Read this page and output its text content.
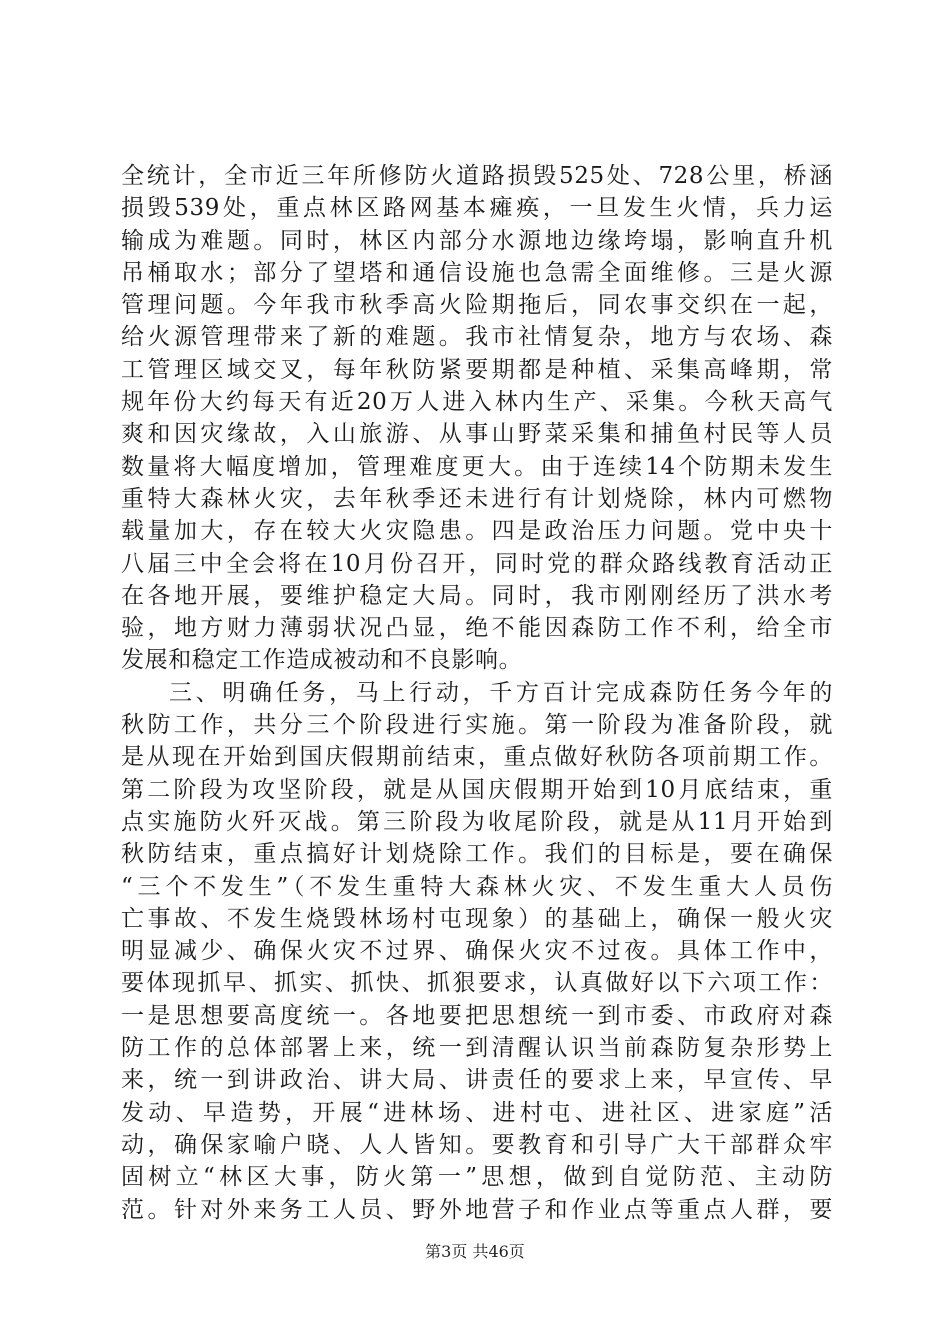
全统计，全市近三年所修防火道路损毁525处、728公里，桥涵
损毁539处，重点林区路网基本瘫痪，一旦发生火情，兵力运
输成为难题。同时，林区内部分水源地边缘垮塌，影响直升机
吊桶取水；部分了望塔和通信设施也急需全面维修。三是火源
管理问题。今年我市秋季高火险期拖后，同农事交织在一起，
给火源管理带来了新的难题。我市社情复杂，地方与农场、森
工管理区域交叉，每年秋防紧要期都是种植、采集高峰期，常
规年份大约每天有近20万人进入林内生产、采集。今秋天高气
爽和因灾缘故，入山旅游、从事山野菜采集和捕鱼村民等人员
数量将大幅度增加，管理难度更大。由于连续14个防期未发生
重特大森林火灾，去年秋季还未进行有计划烧除，林内可燃物
载量加大，存在较大火灾隐患。四是政治压力问题。党中央十
八届三中全会将在10月份召开，同时党的群众路线教育活动正
在各地开展，要维护稳定大局。同时，我市刚刚经历了洪水考
验，地方财力薄弱状况凸显，绝不能因森防工作不利，给全市
发展和稳定工作造成被动和不良影响。
三、明确任务，马上行动，千方百计完成森防任务今年的
秋防工作，共分三个阶段进行实施。第一阶段为准备阶段，就
是从现在开始到国庆假期前结束，重点做好秋防各项前期工作。
第二阶段为攻坚阶段，就是从国庆假期开始到10月底结束，重
点实施防火歼灭战。第三阶段为收尾阶段，就是从11月开始到
秋防结束，重点搞好计划烧除工作。我们的目标是，要在确保
“三个不发生”（不发生重特大森林火灾、不发生重大人员伤
亡事故、不发生烧毁林场村屯现象）的基础上，确保一般火灾
明显减少、确保火灾不过界、确保火灾不过夜。具体工作中，
要体现抓早、抓实、抓快、抓狠要求，认真做好以下六项工作：
一是思想要高度统一。各地要把思想统一到市委、市政府对森
防工作的总体部署上来，统一到清醒认识当前森防复杂形势上
来，统一到讲政治、讲大局、讲责任的要求上来，早宣传、早
发动、早造势，开展“进林场、进村屯、进社区、进家庭”活
动，确保家喻户晓、人人皆知。要教育和引导广大干部群众牢
固树立“林区大事，防火第一”思想，做到自觉防范、主动防
范。针对外来务工人员、野外地营子和作业点等重点人群，要
第3页 共46页
